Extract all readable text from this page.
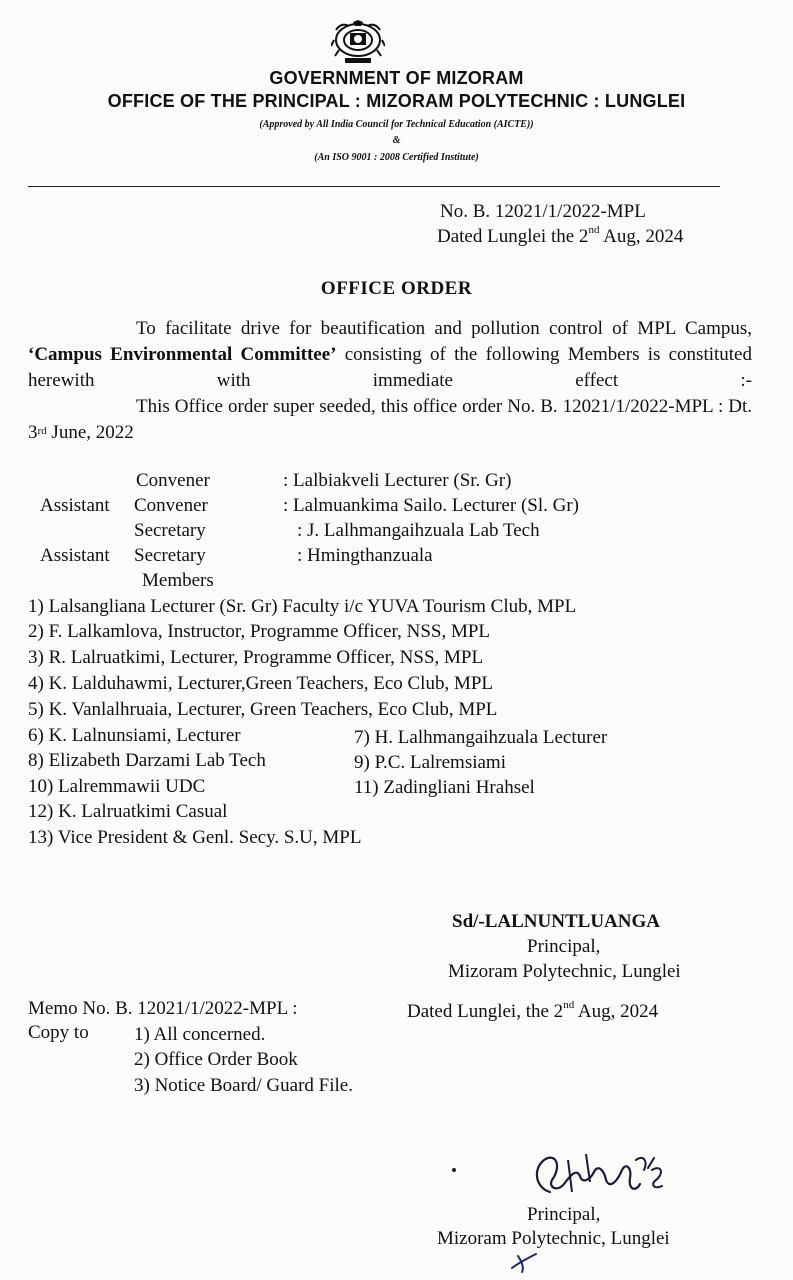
GOVERNMENT OF MIZORAM
OFFICE OF THE PRINCIPAL : MIZORAM POLYTECHNIC : LUNGLEI
(Approved by All India Council for Technical Education (AICTE))
&
(An ISO 9001 : 2008 Certified Institute)
No. B. 12021/1/2022-MPL
Dated Lunglei the 2nd Aug, 2024
OFFICE ORDER

To facilitate drive for beautification and pollution control of MPL Campus, ‘Campus Environmental Committee’ consisting of the following Members is constituted herewith with immediate effect :-

This Office order super seeded, this office order No. B. 12021/1/2022-MPL : Dt. 3rd June, 2022

Convener	: Lalbiakveli Lecturer (Sr. Gr)
Assistant Convener	: Lalmuankima Sailo. Lecturer (Sl. Gr)
Secretary	: J. Lalhmangaihzuala Lab Tech
Assistant Secretary	: Hmingthanzuala
Members
1) Lalsangliana Lecturer (Sr. Gr) Faculty i/c YUVA Tourism Club, MPL
2) F. Lalkamlova, Instructor, Programme Officer, NSS, MPL
3) R. Lalruatkimi, Lecturer, Programme Officer, NSS, MPL
4) K. Lalduhawmi, Lecturer,Green Teachers, Eco Club, MPL
5) K. Vanlalhruaia, Lecturer, Green Teachers, Eco Club, MPL
6) K. Lalnunsiami, Lecturer	7) H. Lalhmangaihzuala Lecturer
8) Elizabeth Darzami Lab Tech	9) P.C. Lalremsiami
10) Lalremmawii UDC	11) Zadingliani Hrahsel
12) K. Lalruatkimi Casual
13) Vice President & Genl. Secy. S.U, MPL
Sd/-LALNUNTLUANGA
Principal,
Mizoram Polytechnic, Lunglei
Memo No. B. 12021/1/2022-MPL :	Dated Lunglei, the 2nd Aug, 2024
Copy to 1) All concerned.
2) Office Order Book
3) Notice Board/ Guard File.
Principal,
Mizoram Polytechnic, Lunglei
